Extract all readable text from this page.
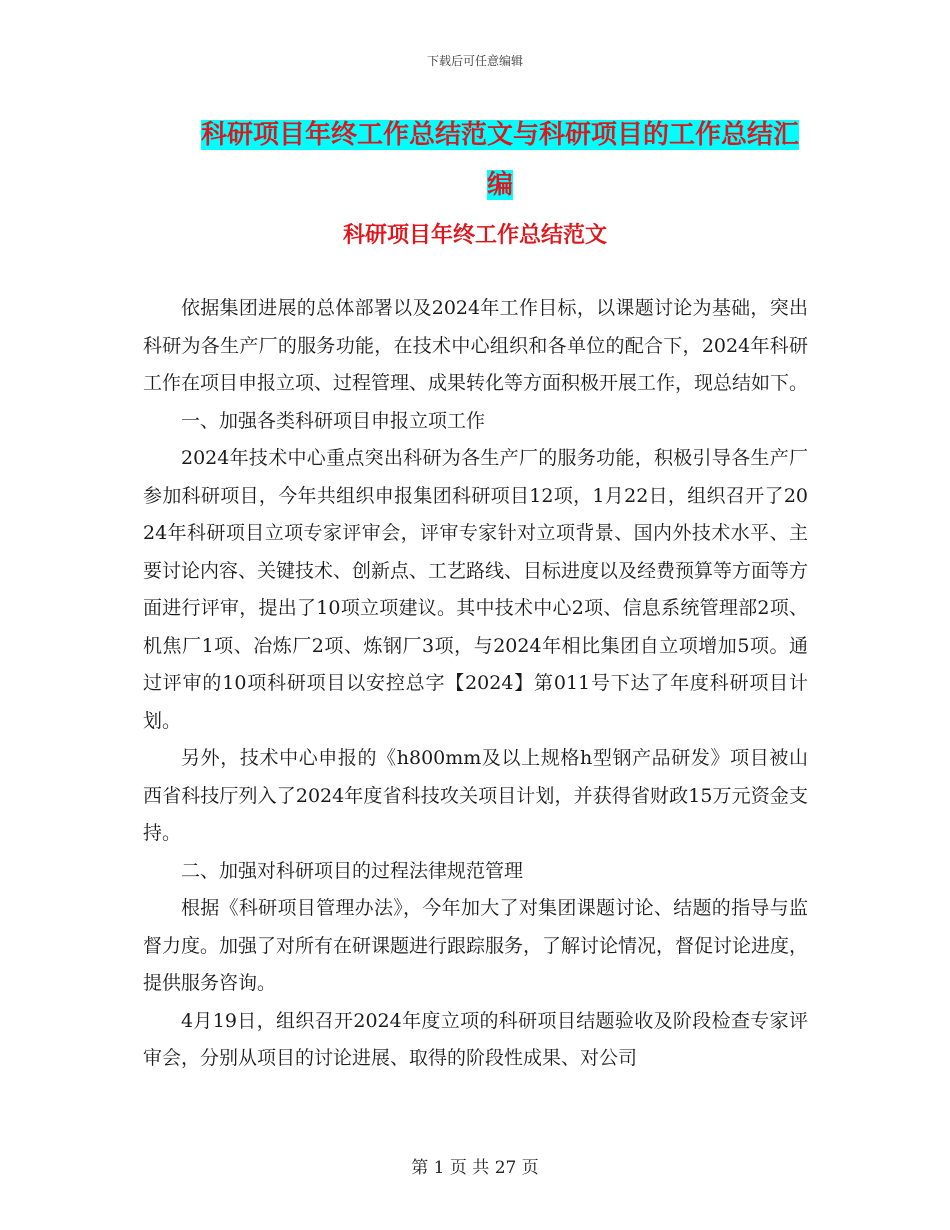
下载后可任意编辑
科研项目年终工作总结范文与科研项目的工作总结汇
编
科研项目年终工作总结范文

依据集团进展的总体部署以及2024年工作目标，以课题讨论为基础，突出科研为各生产厂的服务功能，在技术中心组织和各单位的配合下，2024年科研工作在项目申报立项、过程管理、成果转化等方面积极开展工作，现总结如下。

一、加强各类科研项目申报立项工作

2024年技术中心重点突出科研为各生产厂的服务功能，积极引导各生产厂参加科研项目，今年共组织申报集团科研项目12项，1月22日，组织召开了2024年科研项目立项专家评审会，评审专家针对立项背景、国内外技术水平、主要讨论内容、关键技术、创新点、工艺路线、目标进度以及经费预算等方面等方面进行评审，提出了10项立项建议。其中技术中心2项、信息系统管理部2项、机焦厂1项、冶炼厂2项、炼钢厂3项，与2024年相比集团自立项增加5项。通过评审的10项科研项目以安控总字【2024】第011号下达了年度科研项目计划。

另外，技术中心申报的《h800mm及以上规格h型钢产品研发》项目被山西省科技厅列入了2024年度省科技攻关项目计划，并获得省财政15万元资金支持。

二、加强对科研项目的过程法律规范管理

根据《科研项目管理办法》，今年加大了对集团课题讨论、结题的指导与监督力度。加强了对所有在研课题进行跟踪服务，了解讨论情况，督促讨论进度，提供服务咨询。

4月19日，组织召开2024年度立项的科研项目结题验收及阶段检查专家评审会，分别从项目的讨论进展、取得的阶段性成果、对公司

第 1 页 共 27 页
